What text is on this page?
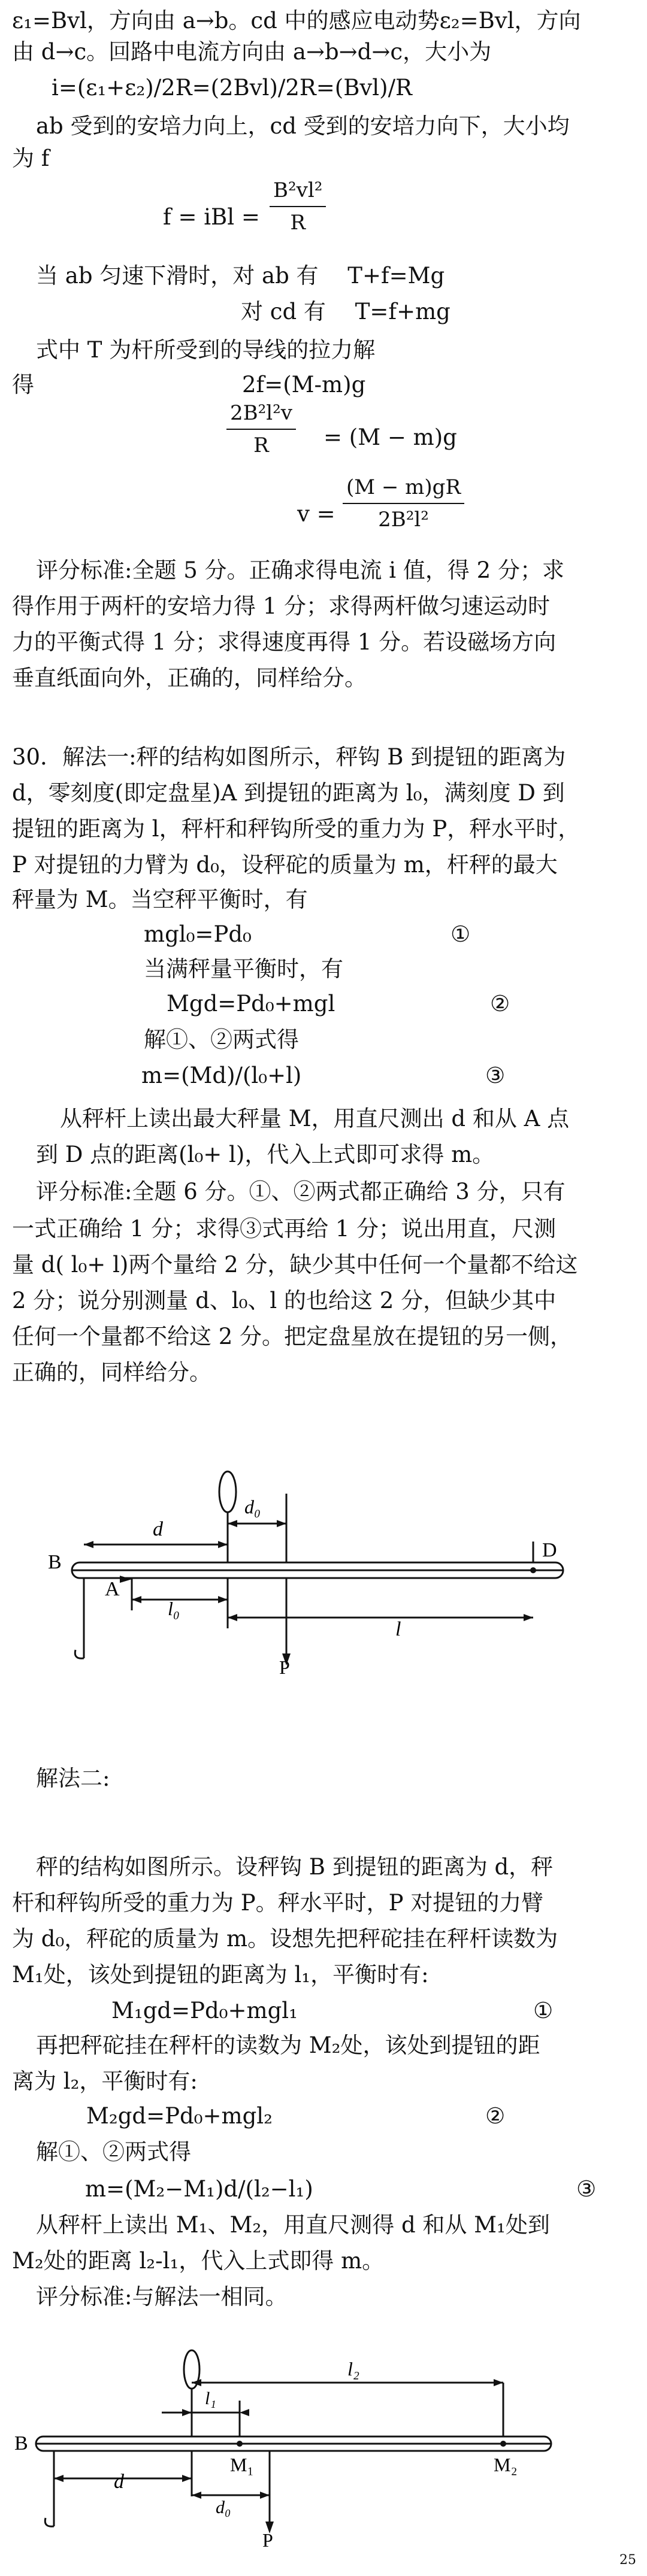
ε₁=Bvl，方向由 a→b。cd 中的感应电动势ε₂=Bvl，方向
由 d→c。回路中电流方向由 a→b→d→c，大小为
i=(ε₁+ε₂)/2R=(2Bvl)/2R=(Bvl)/R
ab 受到的安培力向上，cd 受到的安培力向下，大小均
为 f
f = iBl = $\frac{\text{B²vl²}}{R}$
当 ab 匀速下滑时，对 ab 有　 T+f=Mg
对 cd 有　 T=f+mg
式中 T 为杆所受到的导线的拉力解
得	2f=(M-m)g
$\frac{\text{2B²l²v}}{R} = (M - m)g$
$v = \frac{(M - m)gR}{\text{2B²l²}}$
评分标准:全题 5 分。正确求得电流 i 值，得 2 分；求
得作用于两杆的安培力得 1 分；求得两杆做匀速运动时
力的平衡式得 1 分；求得速度再得 1 分。若设磁场方向
垂直纸面向外，正确的，同样给分。
30．解法一:秤的结构如图所示，秤钩 B 到提钮的距离为
d，零刻度(即定盘星)A 到提钮的距离为 l₀，满刻度 D 到
提钮的距离为 l，秤杆和秤钩所受的重力为 P，秤水平时，
P 对提钮的力臂为 d₀，设秤砣的质量为 m，杆秤的最大
秤量为 M。当空秤平衡时，有
mgl₀=Pd₀	①
当满秤量平衡时，有
Mgd=Pd₀+mgl	②
解①、②两式得
m=(Md)/(l₀+l)	③
从秤杆上读出最大秤量 M，用直尺测出 d 和从 A 点
到 D 点的距离(l₀+ l)，代入上式即可求得 m。
评分标准:全题 6 分。①、②两式都正确给 3 分，只有
一式正确给 1 分；求得③式再给 1 分；说出用直，尺测
量 d( l₀+ l)两个量给 2 分，缺少其中任何一个量都不给这
2 分；说分别测量 d、l₀、l 的也给这 2 分，但缺少其中
任何一个量都不给这 2 分。把定盘星放在提钮的另一侧，
正确的，同样给分。
B
D
d
d₀
A
l₀
l
P
解法二:
秤的结构如图所示。设秤钩 B 到提钮的距离为 d，秤
杆和秤钩所受的重力为 P。秤水平时，P 对提钮的力臂
为 d₀，秤砣的质量为 m。设想先把秤砣挂在秤杆读数为
M₁处，该处到提钮的距离为 l₁，平衡时有:
M₁gd=Pd₀+mgl₁	①
再把秤砣挂在秤杆的读数为 M₂处，该处到提钮的距
离为 l₂，平衡时有:
M₂gd=Pd₀+mgl₂	②
解①、②两式得
m=(M₂−M₁)d/(l₂−l₁)	③
从秤杆上读出 M₁、M₂，用直尺测得 d 和从 M₁处到
M₂处的距离 l₂-l₁，代入上式即得 m。
评分标准:与解法一相同。
B
l₂
l₁
M₁	M₂
d
d₀
P
25
